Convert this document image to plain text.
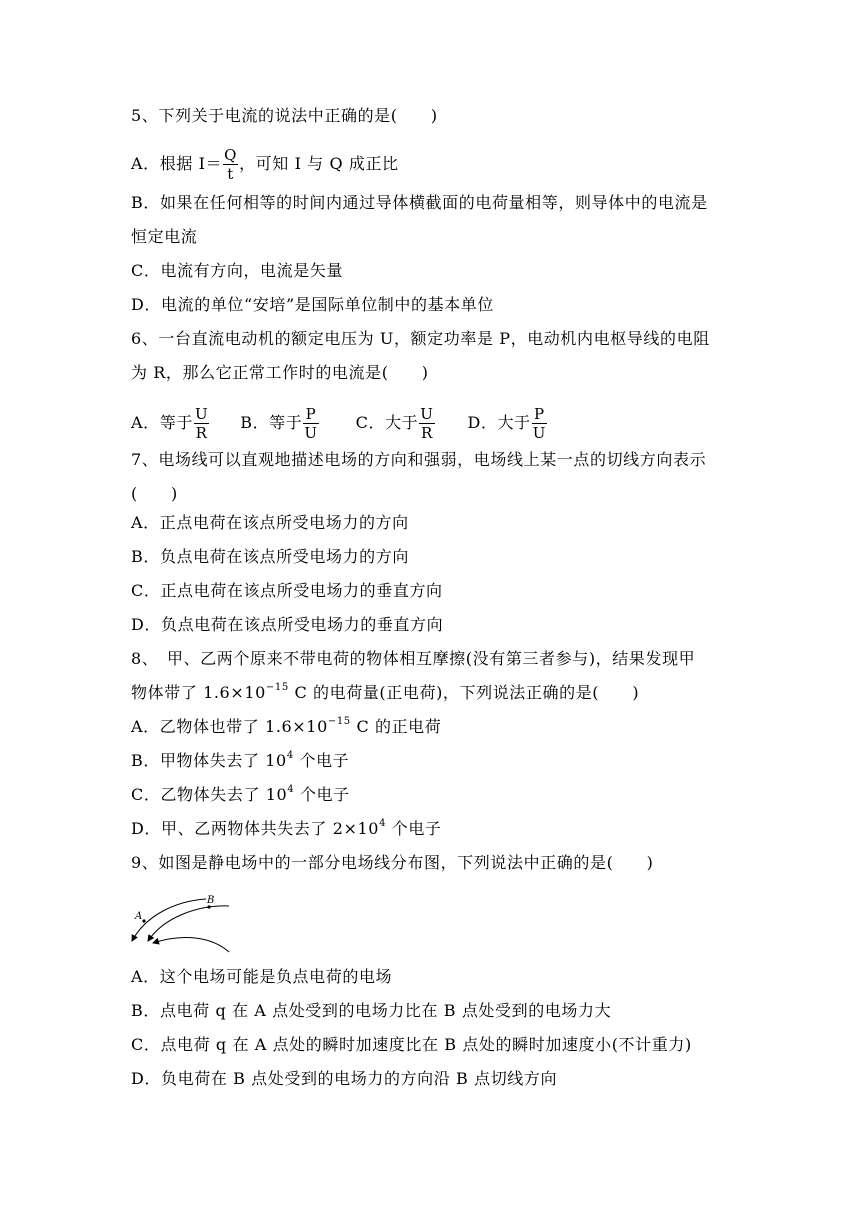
5、下列关于电流的说法中正确的是(　　)
A．根据 $I= \frac{Q}{t}$ ，可知 I 与 Q 成正比
B．如果在任何相等的时间内通过导体横截面的电荷量相等，则导体中的电流是
恒定电流
C．电流有方向，电流是矢量
D．电流的单位“安培”是国际单位制中的基本单位
6、一台直流电动机的额定电压为 U，额定功率是 P，电动机内电枢导线的电阻
为 R，那么它正常工作时的电流是(　　)
A．等于 $\frac{U}{R}$ B．等于 $\frac{P}{U}$ C．大于 $\frac{U}{R}$ D．大于 $\frac{P}{U}$
7、电场线可以直观地描述电场的方向和强弱，电场线上某一点的切线方向表示
(　　)
A．正点电荷在该点所受电场力的方向
B．负点电荷在该点所受电场力的方向
C．正点电荷在该点所受电场力的垂直方向
D．负点电荷在该点所受电场力的垂直方向
8、　甲、乙两个原来不带电荷的物体相互摩擦(没有第三者参与)，结果发现甲
物体带了 $1.6\times 10^{-15}$ C 的电荷量(正电荷)，下列说法正确的是(　　)
A．乙物体也带了 $1.6\times 10^{-15}$ C 的正电荷
B．甲物体失去了 $10^4$ 个电子
C．乙物体失去了 $10^4$ 个电子
D．甲、乙两物体共失去了 $2\times 10^4$ 个电子
9、如图是静电场中的一部分电场线分布图，下列说法中正确的是(　　)
A
B
A．这个电场可能是负点电荷的电场
B．点电荷 q 在 A 点处受到的电场力比在 B 点处受到的电场力大
C．点电荷 q 在 A 点处的瞬时加速度比在 B 点处的瞬时加速度小(不计重力)
D．负电荷在 B 点处受到的电场力的方向沿 B 点切线方向
